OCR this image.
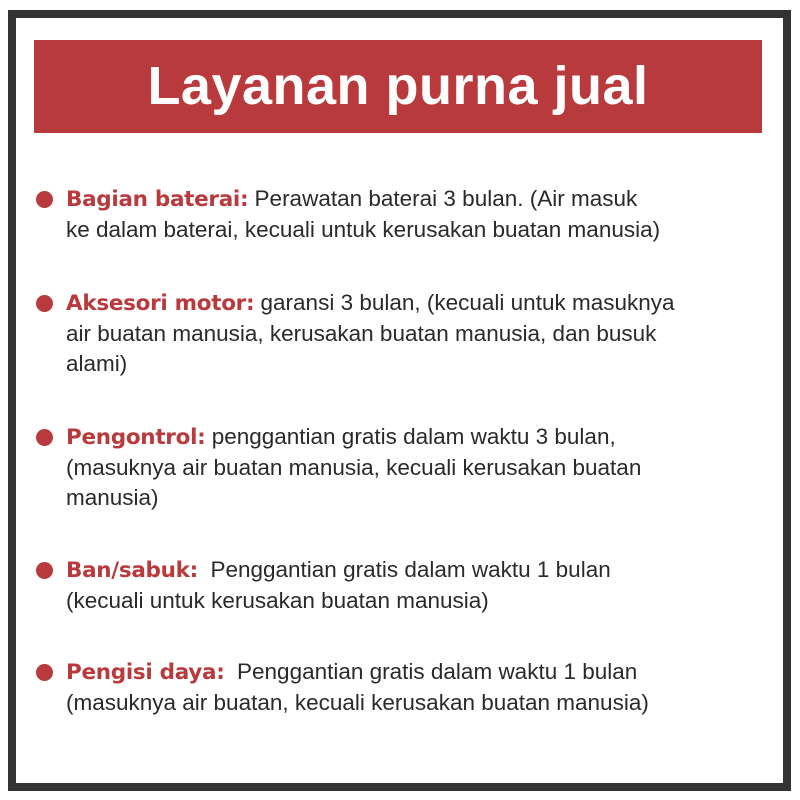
Layanan purna jual
Bagian baterai: Perawatan baterai 3 bulan. (Air masuk
ke dalam baterai, kecuali untuk kerusakan buatan manusia)
Aksesori motor: garansi 3 bulan, (kecuali untuk masuknya
air buatan manusia, kerusakan buatan manusia, dan busuk
alami)
Pengontrol: penggantian gratis dalam waktu 3 bulan,
(masuknya air buatan manusia, kecuali kerusakan buatan
manusia)
Ban/sabuk:  Penggantian gratis dalam waktu 1 bulan
(kecuali untuk kerusakan buatan manusia)
Pengisi daya:  Penggantian gratis dalam waktu 1 bulan
(masuknya air buatan, kecuali kerusakan buatan manusia)
